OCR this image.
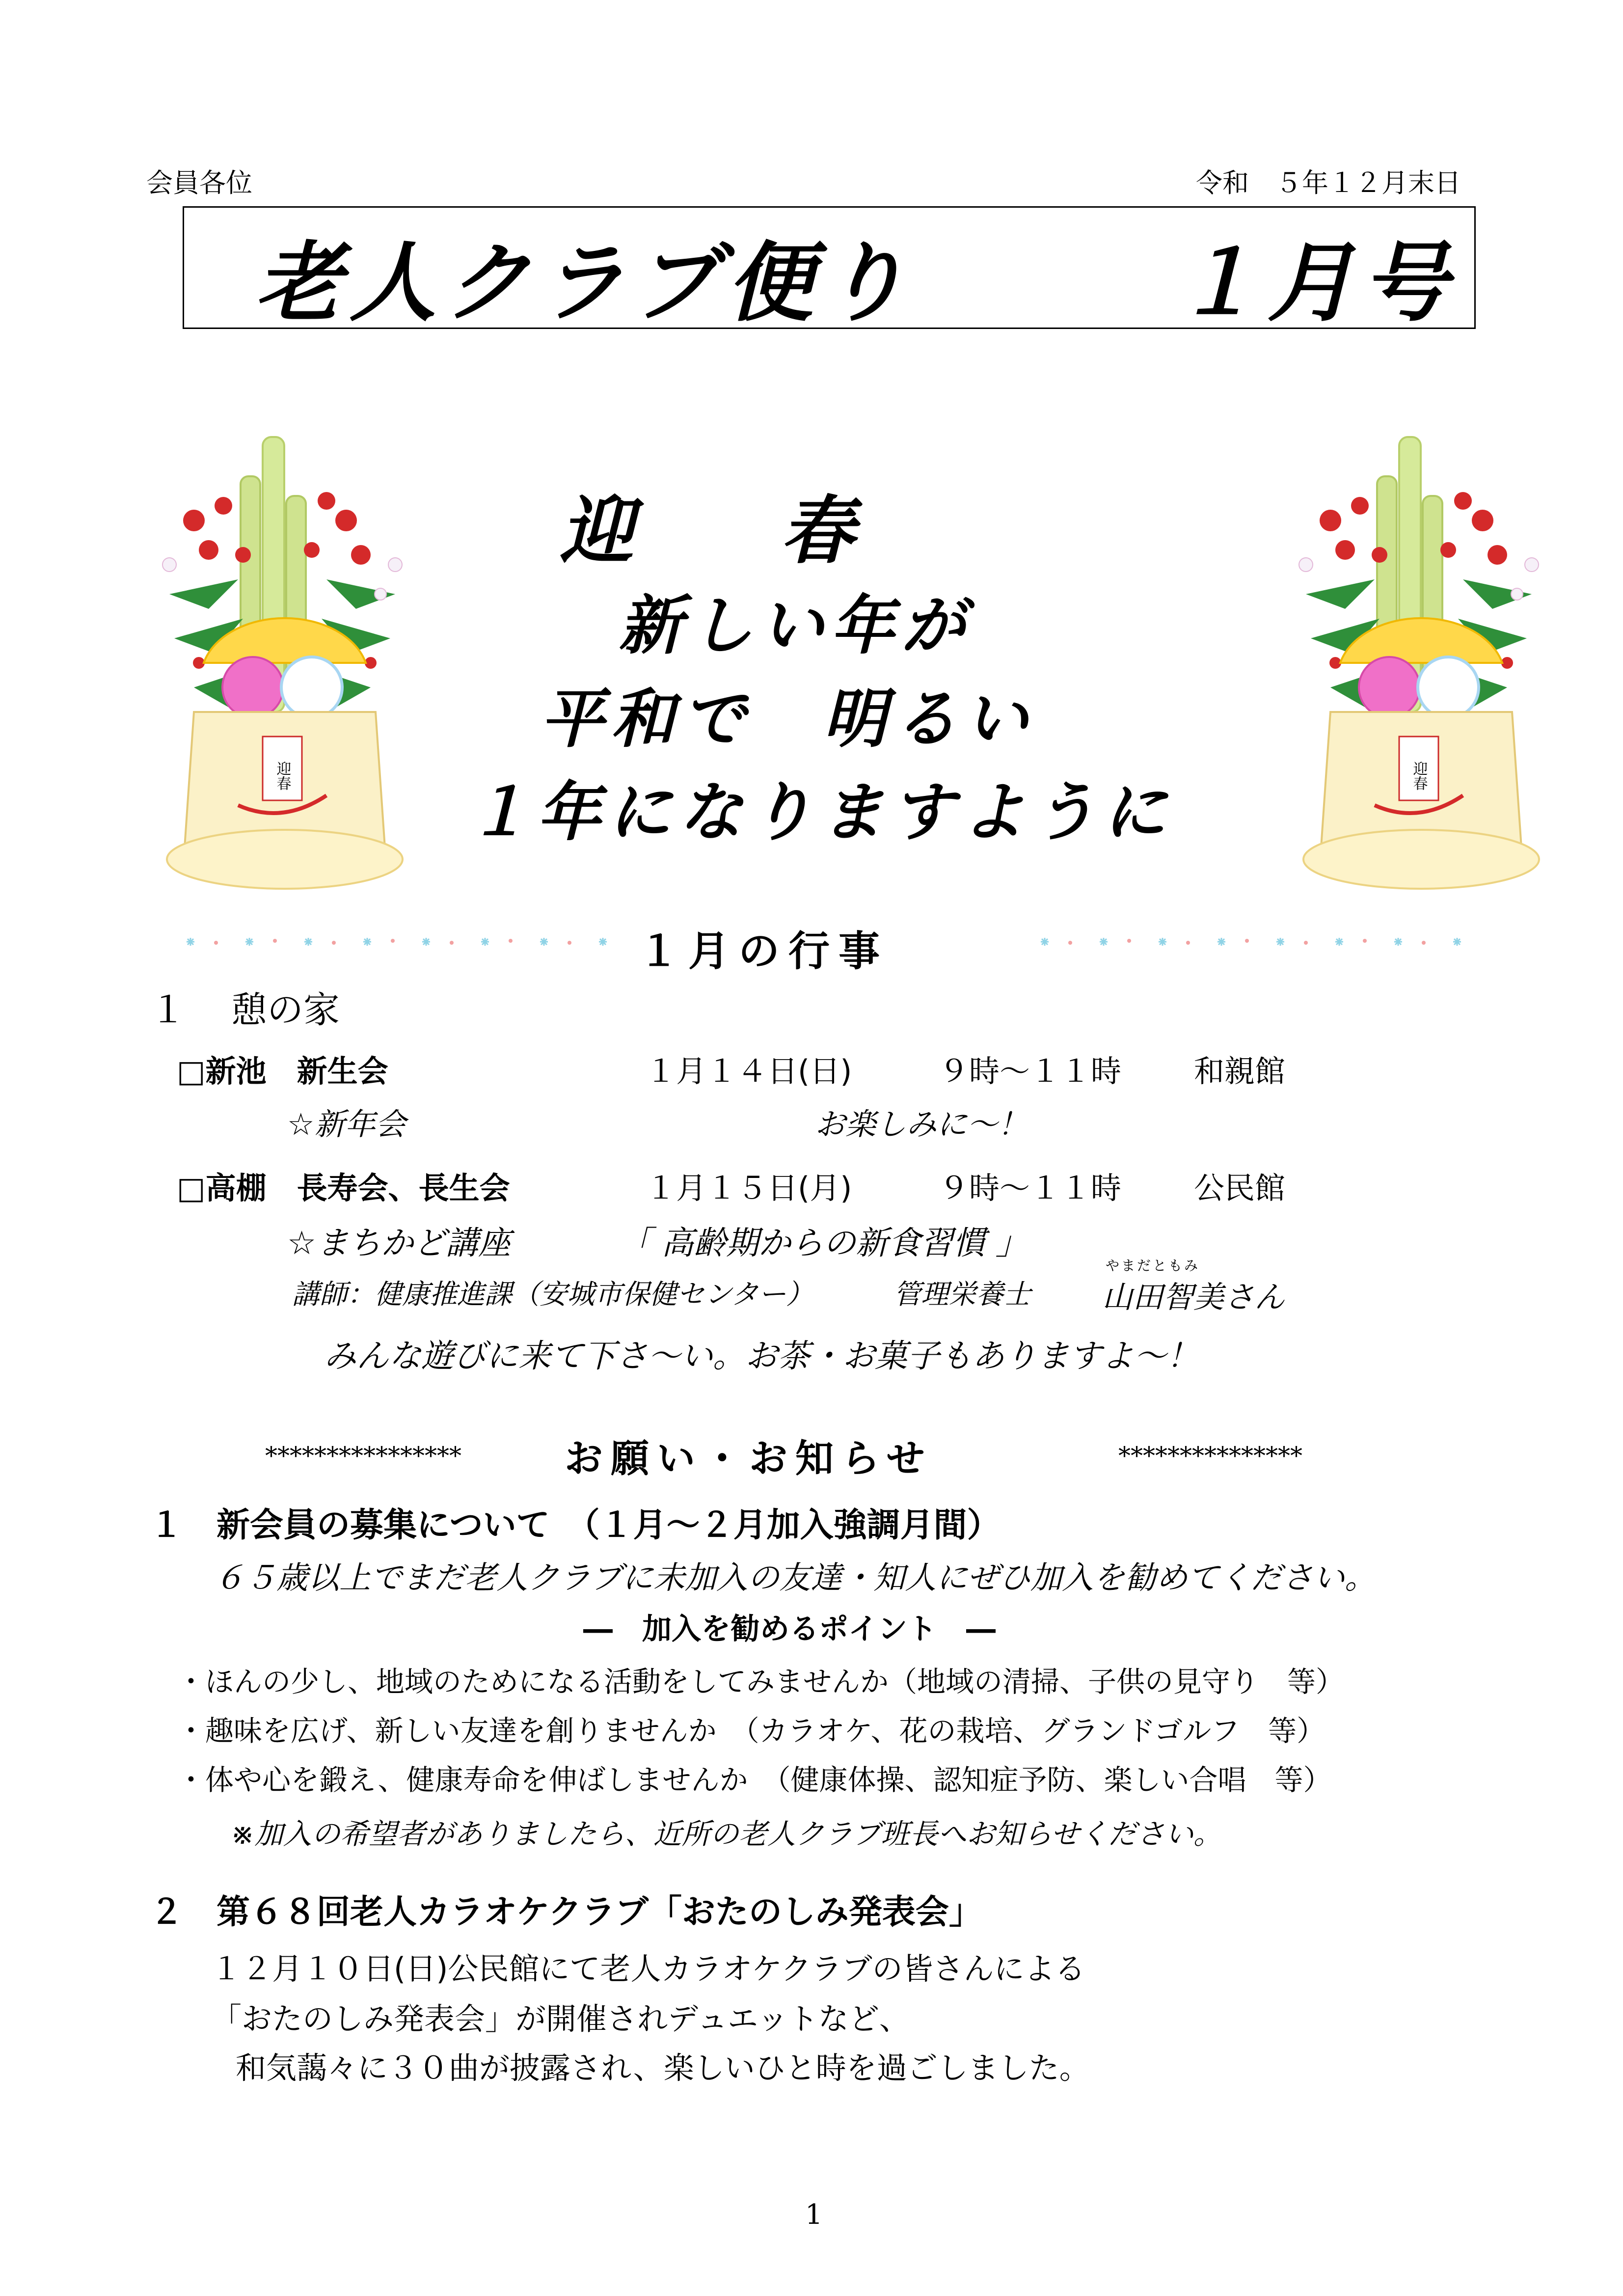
会員各位	令和　５年１２月末日
老人クラブ便り	１月号
迎春	迎春
迎　　春
新しい年が
平和で　明るい
１年になりますように
１月の行事
１ 憩の家
□新池　新生会	１月１４日(日)	９時～１１時 和親館
☆新年会	お楽しみに～！
□高棚　長寿会、長生会	１月１５日(月)	９時～１１時 公民館
☆まちかど講座	「 高齢期からの新食習慣 」
講師：健康推進課（安城市保健センター）	管理栄養士
やまだともみ
山田智美さん
みんな遊びに来て下さ～い。お茶・お菓子もありますよ～！
****************	お願い・お知らせ	***************
１　新会員の募集について　（１月～２月加入強調月間）
６５歳以上でまだ老人クラブに未加入の友達・知人にぜひ加入を勧めてください。
―　加入を勧めるポイント　―
・ほんの少し、地域のためになる活動をしてみませんか（地域の清掃、子供の見守り　等）
・趣味を広げ、新しい友達を創りませんか　（カラオケ、花の栽培、グランドゴルフ　等）
・体や心を鍛え、健康寿命を伸ばしませんか　（健康体操、認知症予防、楽しい合唱　等）
※加入の希望者がありましたら、近所の老人クラブ班長へお知らせください。
２　第６８回老人カラオケクラブ「おたのしみ発表会」
１２月１０日(日)公民館にて老人カラオケクラブの皆さんによる
「おたのしみ発表会」が開催されデュエットなど、
和気藹々に３０曲が披露され、楽しいひと時を過ごしました。
1
